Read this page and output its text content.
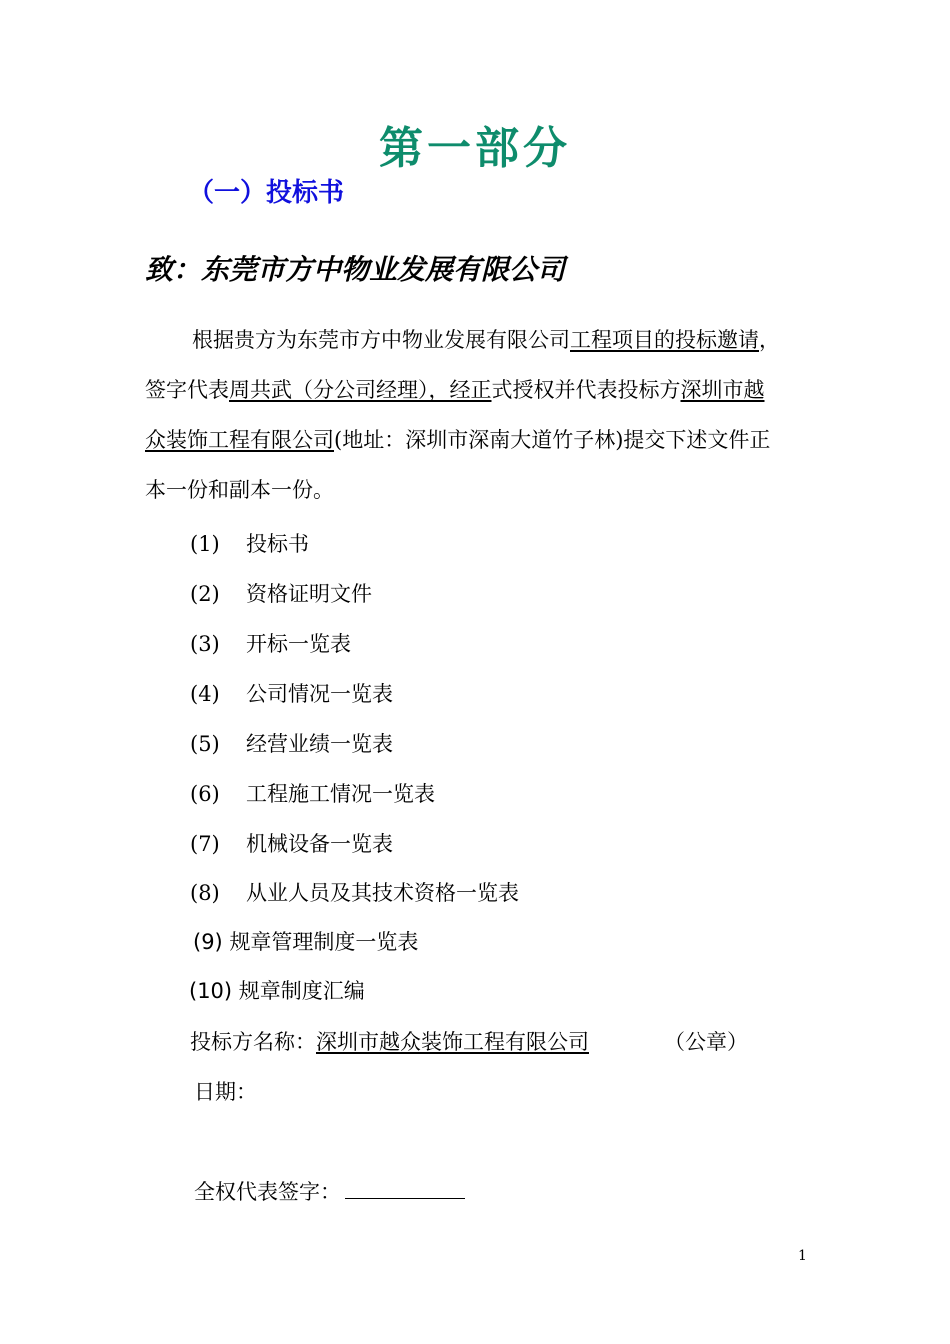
第一部分
（一）投标书
致：东莞市方中物业发展有限公司
根据贵方为东莞市方中物业发展有限公司工程项目的投标邀请，
签字代表周共武（分公司经理），经正式授权并代表投标方深圳市越
众装饰工程有限公司(地址：深圳市深南大道竹子林)提交下述文件正
本一份和副本一份。
(1) 投标书
(2) 资格证明文件
(3) 开标一览表
(4) 公司情况一览表
(5) 经营业绩一览表
(6) 工程施工情况一览表
(7) 机械设备一览表
(8) 从业人员及其技术资格一览表
(9) 规章管理制度一览表
(10) 规章制度汇编
投标方名称：深圳市越众装饰工程有限公司	（公章）
日期：
全权代表签字：
1
